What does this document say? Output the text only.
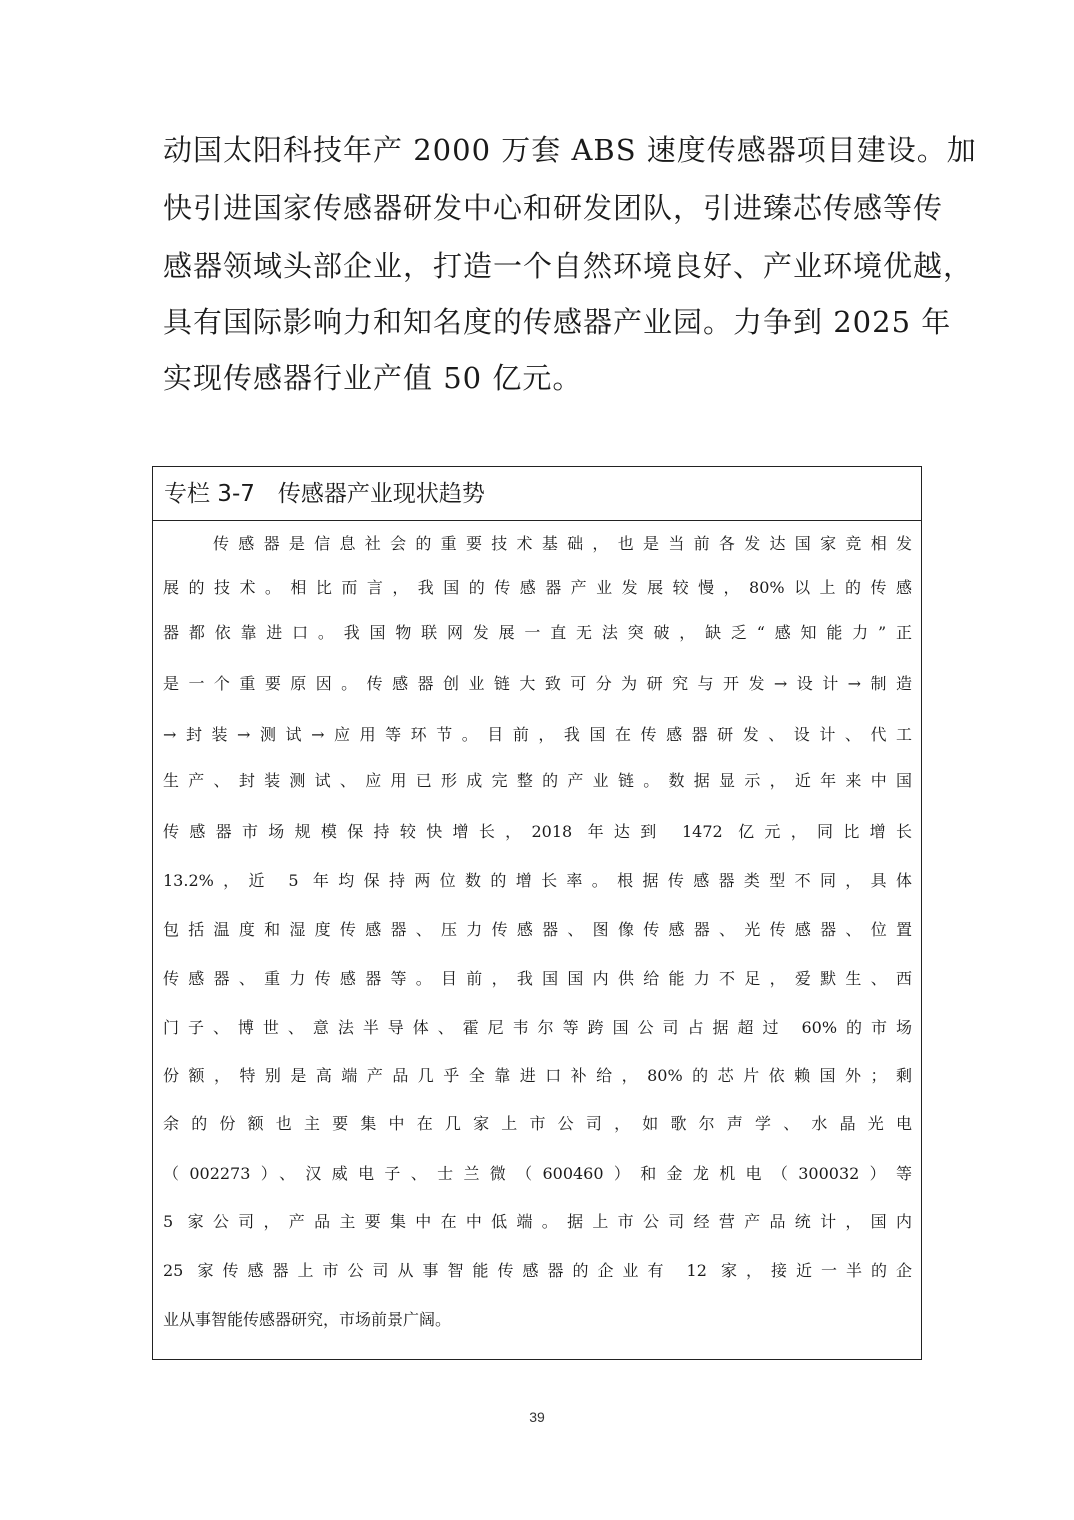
动国太阳科技年产 2000 万套 ABS 速度传感器项目建设。加
快引进国家传感器研发中心和研发团队，引进臻芯传感等传
感器领域头部企业，打造一个自然环境良好、产业环境优越，
具有国际影响力和知名度的传感器产业园。力争到 2025 年
实现传感器行业产值 50 亿元。
专栏 3-7　传感器产业现状趋势
传感器是信息社会的重要技术基础，也是当前各发达国家竞相发
展的技术。相比而言，我国的传感器产业发展较慢，80%以上的传感
器都依靠进口。我国物联网发展一直无法突破，缺乏“感知能力”正
是一个重要原因。传感器创业链大致可分为研究与开发→设计→制造
→封装→测试→应用等环节。目前，我国在传感器研发、设计、代工
生产、封装测试、应用已形成完整的产业链。数据显示，近年来中国
传感器市场规模保持较快增长，2018 年达到 1472 亿元，同比增长
13.2%，近 5 年均保持两位数的增长率。根据传感器类型不同，具体
包括温度和湿度传感器、压力传感器、图像传感器、光传感器、位置
传感器、重力传感器等。目前，我国国内供给能力不足，爱默生、西
门子、博世、意法半导体、霍尼韦尔等跨国公司占据超过 60%的市场
份额，特别是高端产品几乎全靠进口补给，80%的芯片依赖国外；剩
余的份额也主要集中在几家上市公司，如歌尔声学、水晶光电
（002273）、汉威电子、士兰微（600460）和金龙机电（300032）等
5 家公司，产品主要集中在中低端。据上市公司经营产品统计，国内
25 家传感器上市公司从事智能传感器的企业有 12 家，接近一半的企
业从事智能传感器研究，市场前景广阔。
39
